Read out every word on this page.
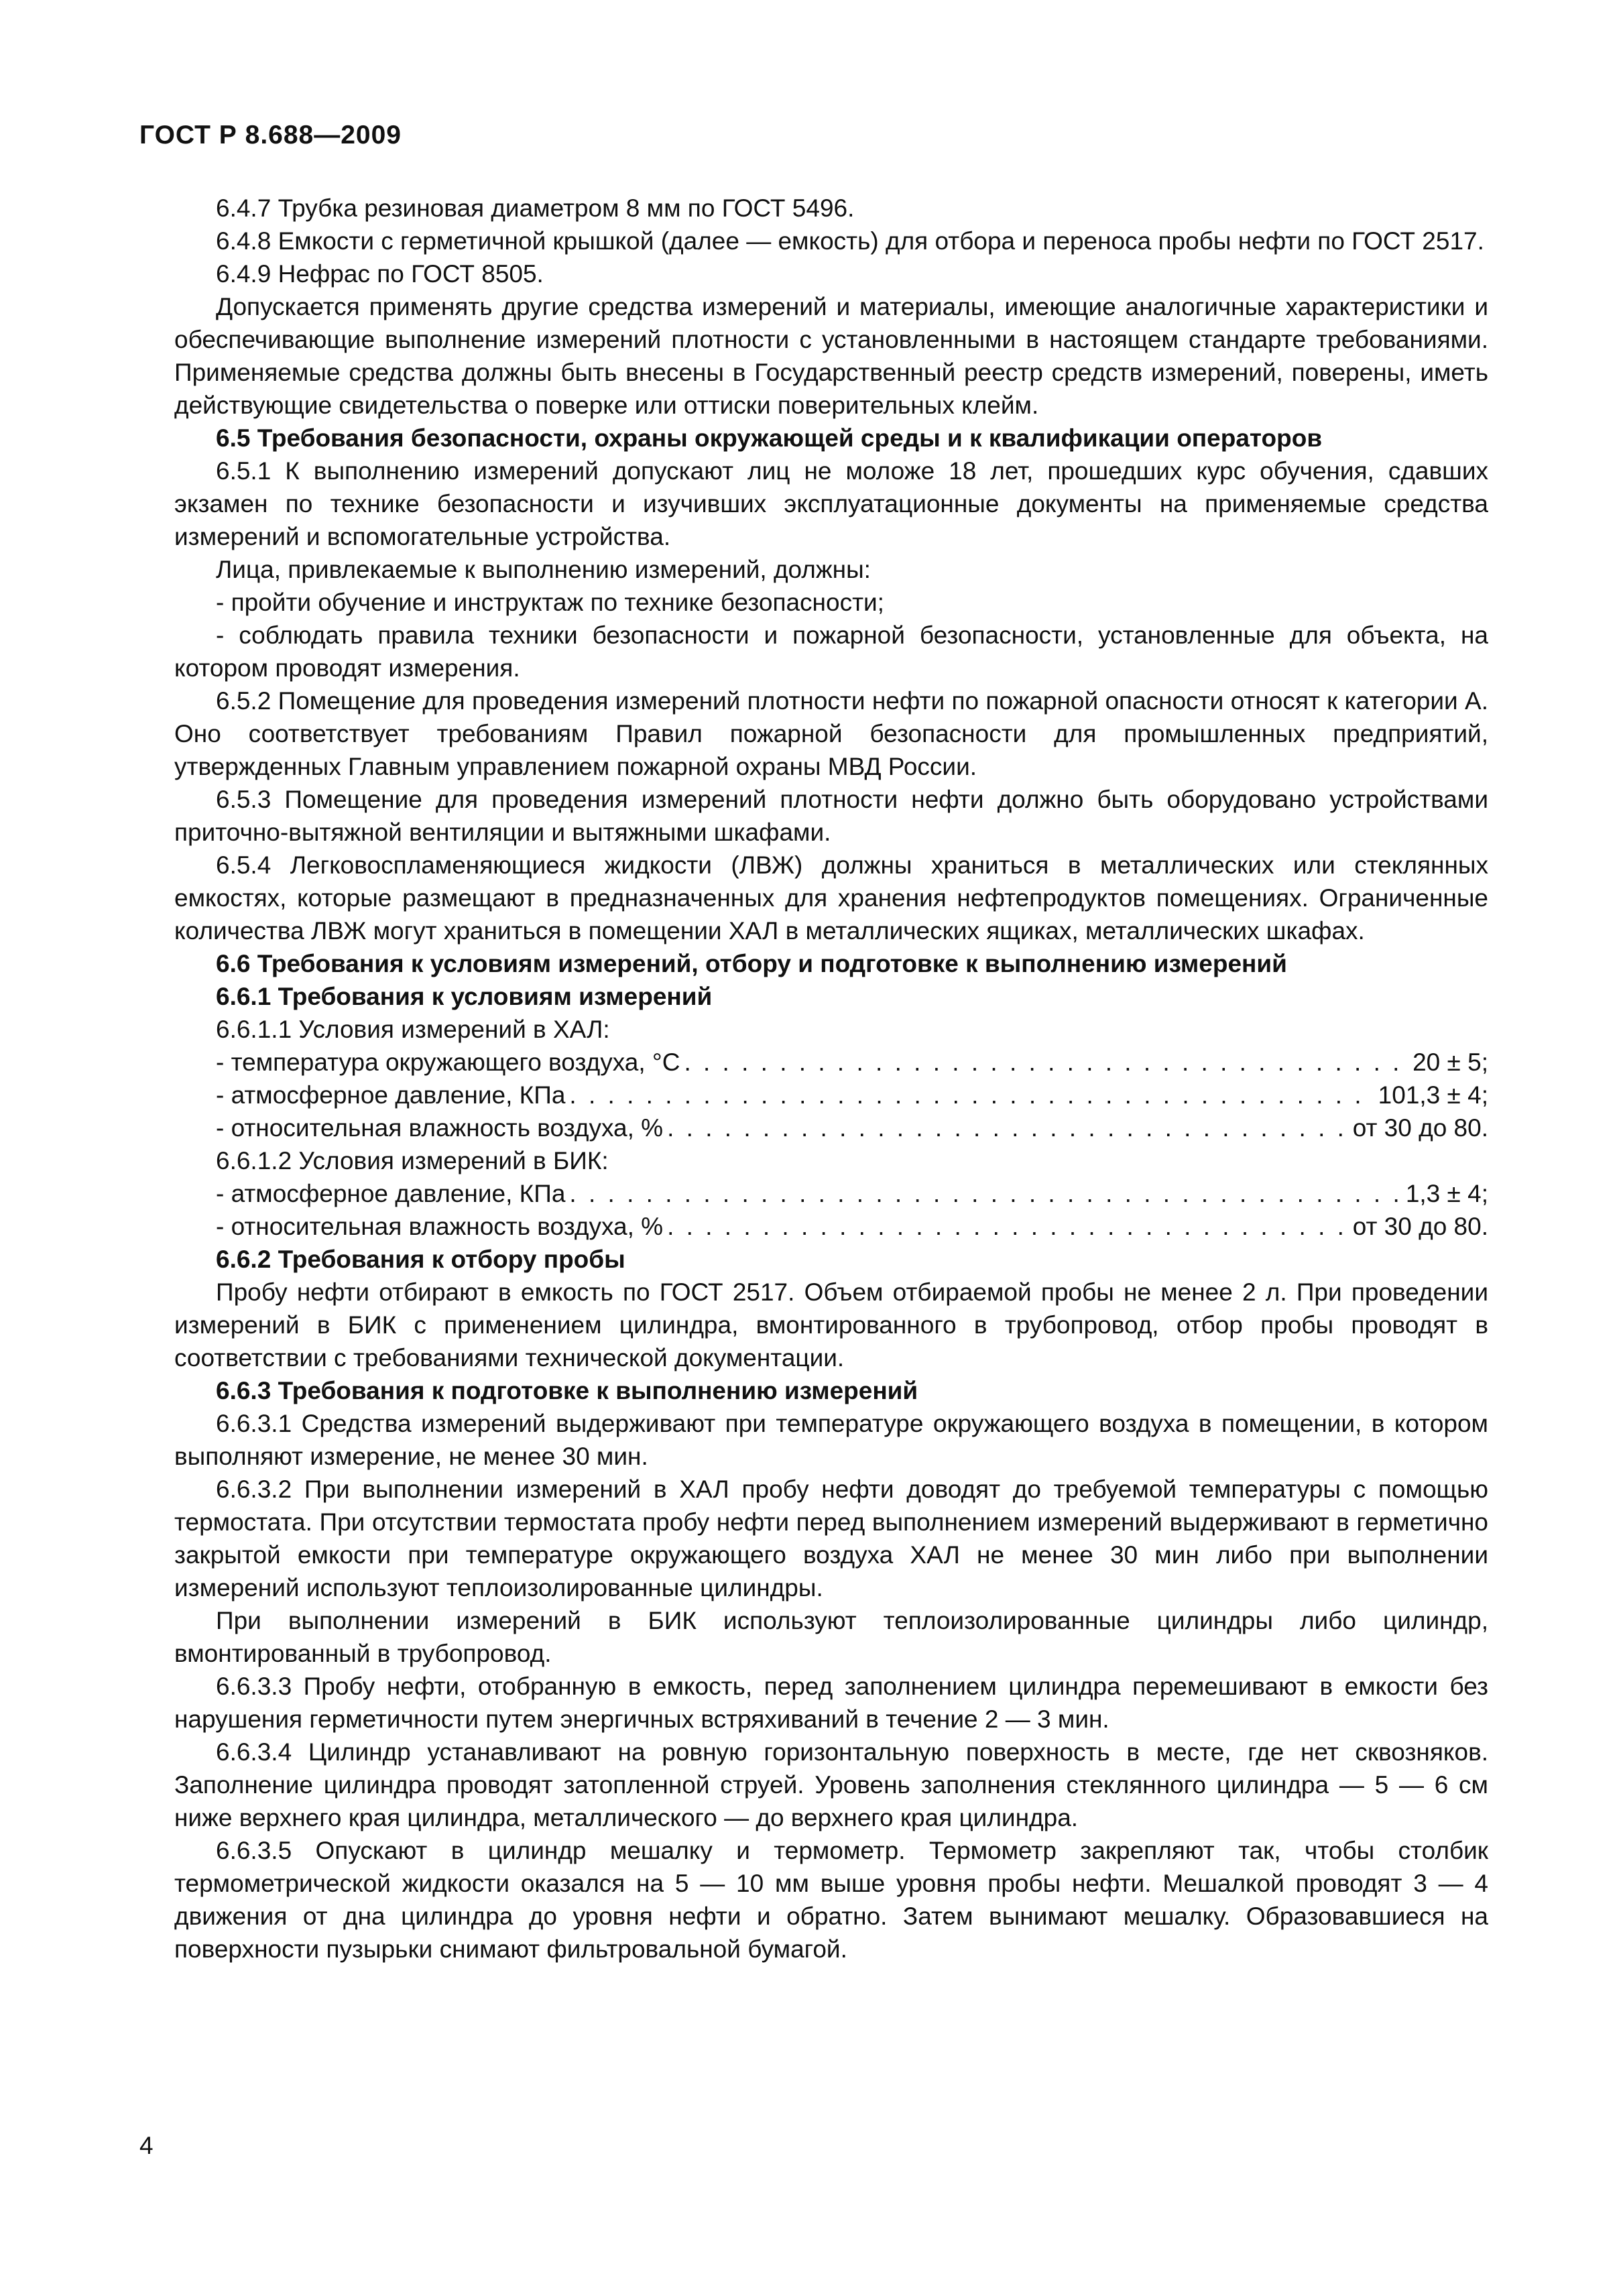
ГОСТ Р 8.688—2009

6.4.7 Трубка резиновая диаметром 8 мм по ГОСТ 5496.

6.4.8 Емкости с герметичной крышкой (далее — емкость) для отбора и переноса пробы нефти по ГОСТ 2517.

6.4.9 Нефрас по ГОСТ 8505.

Допускается применять другие средства измерений и материалы, имеющие аналогичные характеристики и обеспечивающие выполнение измерений плотности с установленными в настоящем стандарте требованиями. Применяемые средства должны быть внесены в Государственный реестр средств измерений, поверены, иметь действующие свидетельства о поверке или оттиски поверительных клейм.

6.5 Требования безопасности, охраны окружающей среды и к квалификации операторов

6.5.1 К выполнению измерений допускают лиц не моложе 18 лет, прошедших курс обучения, сдавших экзамен по технике безопасности и изучивших эксплуатационные документы на применяемые средства измерений и вспомогательные устройства.

Лица, привлекаемые к выполнению измерений, должны:

- пройти обучение и инструктаж по технике безопасности;

- соблюдать правила техники безопасности и пожарной безопасности, установленные для объекта, на котором проводят измерения.

6.5.2 Помещение для проведения измерений плотности нефти по пожарной опасности относят к категории А. Оно соответствует требованиям Правил пожарной безопасности для промышленных предприятий, утвержденных Главным управлением пожарной охраны МВД России.

6.5.3 Помещение для проведения измерений плотности нефти должно быть оборудовано устройствами приточно-вытяжной вентиляции и вытяжными шкафами.

6.5.4 Легковоспламеняющиеся жидкости (ЛВЖ) должны храниться в металлических или стеклянных емкостях, которые размещают в предназначенных для хранения нефтепродуктов помещениях. Ограниченные количества ЛВЖ могут храниться в помещении ХАЛ в металлических ящиках, металлических шкафах.

6.6 Требования к условиям измерений, отбору и подготовке к выполнению измерений

6.6.1 Требования к условиям измерений

6.6.1.1 Условия измерений в ХАЛ:

- температура окружающего воздуха, °С . . .	20 ± 5;
- атмосферное давление, КПа . . .	101,3 ± 4;
- относительная влажность воздуха, % . . .	от 30 до 80.

6.6.1.2 Условия измерений в БИК:

- атмосферное давление, КПа . . .	1,3 ± 4;
- относительная влажность воздуха, % . . .	от 30 до 80.

6.6.2 Требования к отбору пробы

Пробу нефти отбирают в емкость по ГОСТ 2517. Объем отбираемой пробы не менее 2 л. При проведении измерений в БИК с применением цилиндра, вмонтированного в трубопровод, отбор пробы проводят в соответствии с требованиями технической документации.

6.6.3 Требования к подготовке к выполнению измерений

6.6.3.1 Средства измерений выдерживают при температуре окружающего воздуха в помещении, в котором выполняют измерение, не менее 30 мин.

6.6.3.2 При выполнении измерений в ХАЛ пробу нефти доводят до требуемой температуры с помощью термостата. При отсутствии термостата пробу нефти перед выполнением измерений выдерживают в герметично закрытой емкости при температуре окружающего воздуха ХАЛ не менее 30 мин либо при выполнении измерений используют теплоизолированные цилиндры.

При выполнении измерений в БИК используют теплоизолированные цилиндры либо цилиндр, вмонтированный в трубопровод.

6.6.3.3 Пробу нефти, отобранную в емкость, перед заполнением цилиндра перемешивают в емкости без нарушения герметичности путем энергичных встряхиваний в течение 2 — 3 мин.

6.6.3.4 Цилиндр устанавливают на ровную горизонтальную поверхность в месте, где нет сквозняков. Заполнение цилиндра проводят затопленной струей. Уровень заполнения стеклянного цилиндра — 5 — 6 см ниже верхнего края цилиндра, металлического — до верхнего края цилиндра.

6.6.3.5 Опускают в цилиндр мешалку и термометр. Термометр закрепляют так, чтобы столбик термометрической жидкости оказался на 5 — 10 мм выше уровня пробы нефти. Мешалкой проводят 3 — 4 движения от дна цилиндра до уровня нефти и обратно. Затем вынимают мешалку. Образовавшиеся на поверхности пузырьки снимают фильтровальной бумагой.

4
